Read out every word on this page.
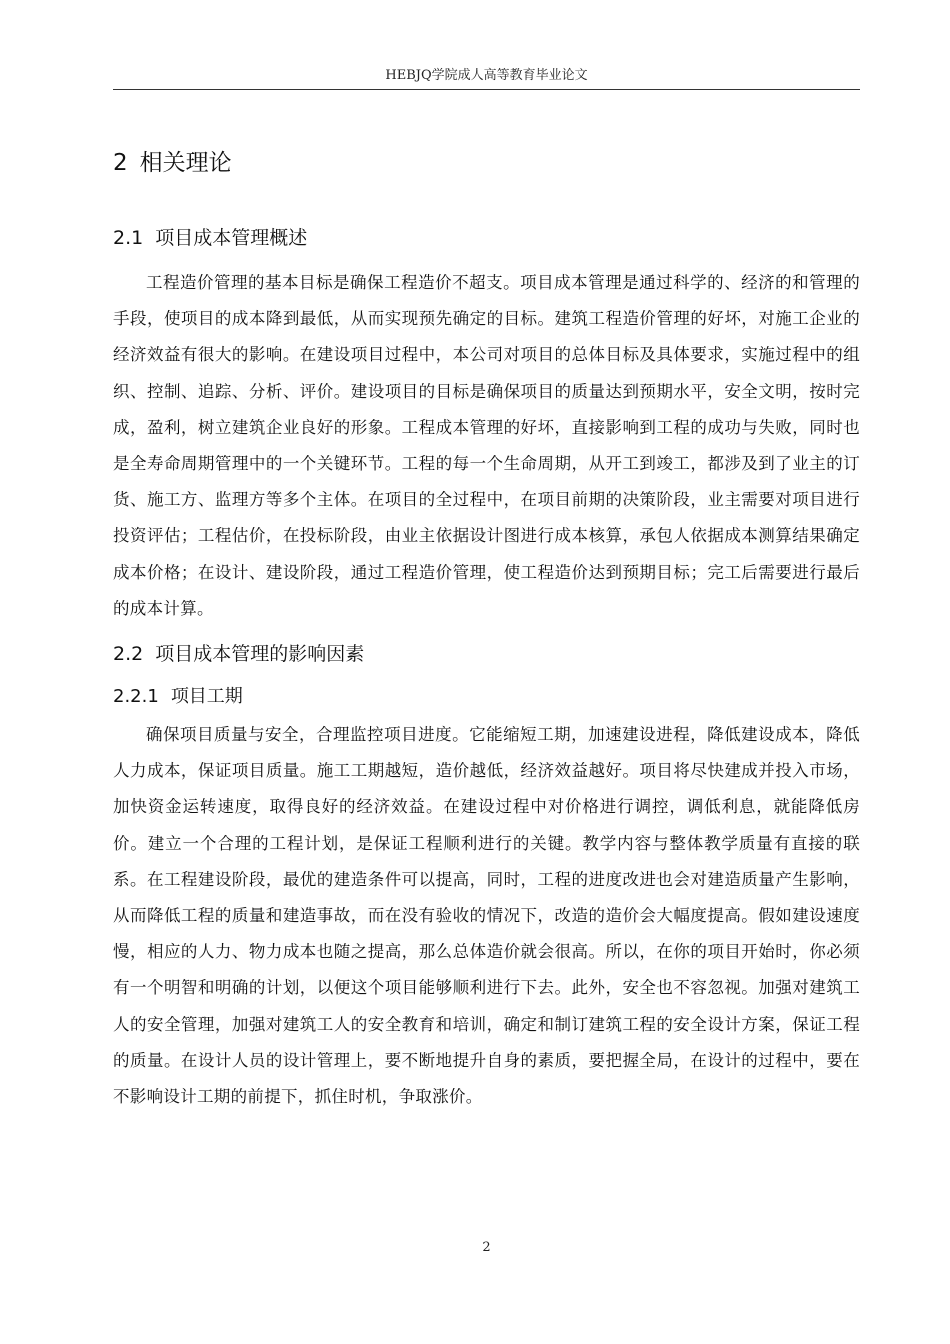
HEBJQ学院成人高等教育毕业论文
2 相关理论
2.1 项目成本管理概述

工程造价管理的基本目标是确保工程造价不超支。项目成本管理是通过科学的、经济的和管理的手段，使项目的成本降到最低，从而实现预先确定的目标。建筑工程造价管理的好坏，对施工企业的经济效益有很大的影响。在建设项目过程中，本公司对项目的总体目标及具体要求，实施过程中的组织、控制、追踪、分析、评价。建设项目的目标是确保项目的质量达到预期水平，安全文明，按时完成，盈利，树立建筑企业良好的形象。工程成本管理的好坏，直接影响到工程的成功与失败，同时也是全寿命周期管理中的一个关键环节。工程的每一个生命周期，从开工到竣工，都涉及到了业主的订货、施工方、监理方等多个主体。在项目的全过程中，在项目前期的决策阶段，业主需要对项目进行投资评估；工程估价，在投标阶段，由业主依据设计图进行成本核算，承包人依据成本测算结果确定成本价格；在设计、建设阶段，通过工程造价管理，使工程造价达到预期目标；完工后需要进行最后的成本计算。

2.2 项目成本管理的影响因素
2.2.1 项目工期

确保项目质量与安全，合理监控项目进度。它能缩短工期，加速建设进程，降低建设成本，降低人力成本，保证项目质量。施工工期越短，造价越低，经济效益越好。项目将尽快建成并投入市场，加快资金运转速度，取得良好的经济效益。在建设过程中对价格进行调控，调低利息，就能降低房价。建立一个合理的工程计划，是保证工程顺利进行的关键。教学内容与整体教学质量有直接的联系。在工程建设阶段，最优的建造条件可以提高，同时，工程的进度改进也会对建造质量产生影响，从而降低工程的质量和建造事故，而在没有验收的情况下，改造的造价会大幅度提高。假如建设速度慢，相应的人力、物力成本也随之提高，那么总体造价就会很高。所以，在你的项目开始时，你必须有一个明智和明确的计划，以便这个项目能够顺利进行下去。此外，安全也不容忽视。加强对建筑工人的安全管理，加强对建筑工人的安全教育和培训，确定和制订建筑工程的安全设计方案，保证工程的质量。在设计人员的设计管理上，要不断地提升自身的素质，要把握全局，在设计的过程中，要在不影响设计工期的前提下，抓住时机，争取涨价。

2
